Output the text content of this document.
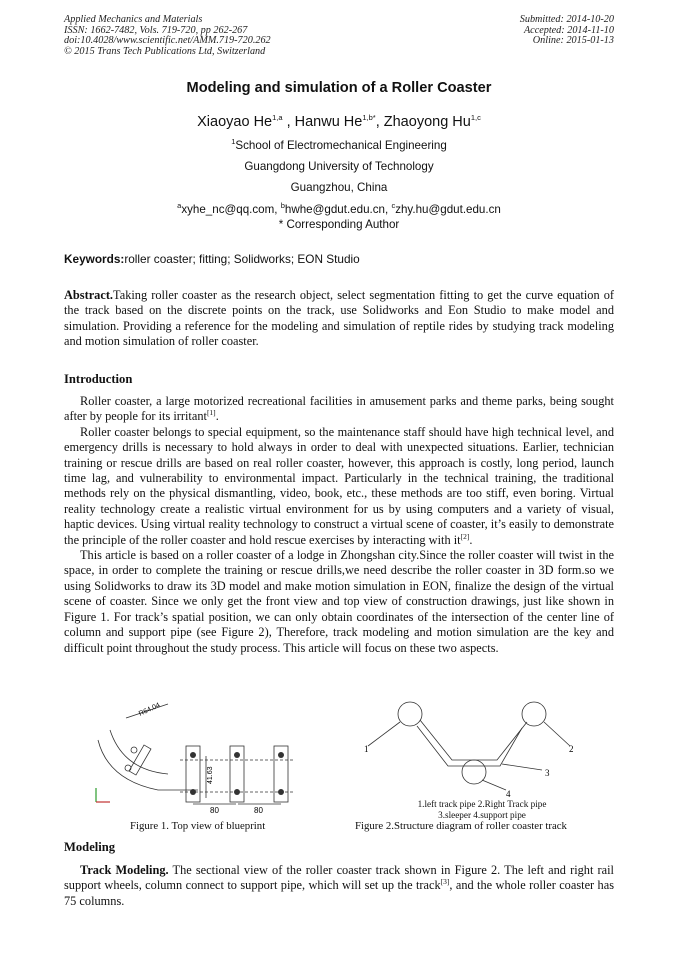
Applied Mechanics and Materials
ISSN: 1662-7482, Vols. 719-720, pp 262-267
doi:10.4028/www.scientific.net/AMM.719-720.262
© 2015 Trans Tech Publications Ltd, Switzerland
Submitted: 2014-10-20
Accepted: 2014-11-10
Online: 2015-01-13
Modeling and simulation of a Roller Coaster
Xiaoyao He$^{1,a}$ , Hanwu $He^{1,b*}$, Zhaoyong Hu$^{1,c}$
$^1$School of Electromechanical Engineering
Guangdong University of Technology
Guangzhou, China
$^a$xyhe_nc@qq.com, $^b$hwhe@gdut.edu.cn, $^c$zhy.hu@gdut.edu.cn
* Corresponding Author
Keywords:roller coaster; fitting; Solidworks; EON Studio
Abstract.Taking roller coaster as the research object, select segmentation fitting to get the curve equation of the track based on the discrete points on the track, use Solidworks and Eon Studio to make model and simulation. Providing a reference for the modeling and simulation of reptile rides by studying track modeling and motion simulation of roller coaster.
Introduction

Roller coaster, a large motorized recreational facilities in amusement parks and theme parks, being sought after by people for its irritant[1].

Roller coaster belongs to special equipment, so the maintenance staff should have high technical level, and emergency drills is necessary to hold always in order to deal with unexpected situations. Earlier, technician training or rescue drills are based on real roller coaster, however, this approach is costly, long period, launch time lag, and vulnerability to environmental impact. Particularly in the technical training, the traditional methods rely on the physical dismantling, video, book, etc., these methods are too stiff, even boring. Virtual reality technology create a realistic virtual environment for us by using computers and a variety of visual, haptic devices. Using virtual reality technology to construct a virtual scene of coaster, it’s easily to demonstrate the principle of the roller coaster and hold rescue exercises by interacting with it[2].

This article is based on a roller coaster of a lodge in Zhongshan city.Since the roller coaster will twist in the space, in order to complete the training or rescue drills,we need describe the roller coaster in 3D form.so we using Solidworks to draw its 3D model and make motion simulation in EON, finalize the design of the virtual scene of coaster. Since we only get the front view and top view of construction drawings, just like shown in Figure 1. For track’s spatial position, we can only obtain coordinates of the intersection of the center line of column and support pipe (see Figure 2), Therefore, track modeling and motion simulation are the key and difficult point throughout the study process. This article will focus on these two aspects.

R64.04
41.63
80	80
Figure 1. Top view of blueprint
1	2
3
4
1.left track pipe 2.Right Track pipe
3.sleeper 4.support pipe
Figure 2.Structure diagram of roller coaster track
Modeling

Track Modeling. The sectional view of the roller coaster track shown in Figure 2. The left and right rail support wheels, column connect to support pipe, which will set up the track[3], and the whole roller coaster has 75 columns.
